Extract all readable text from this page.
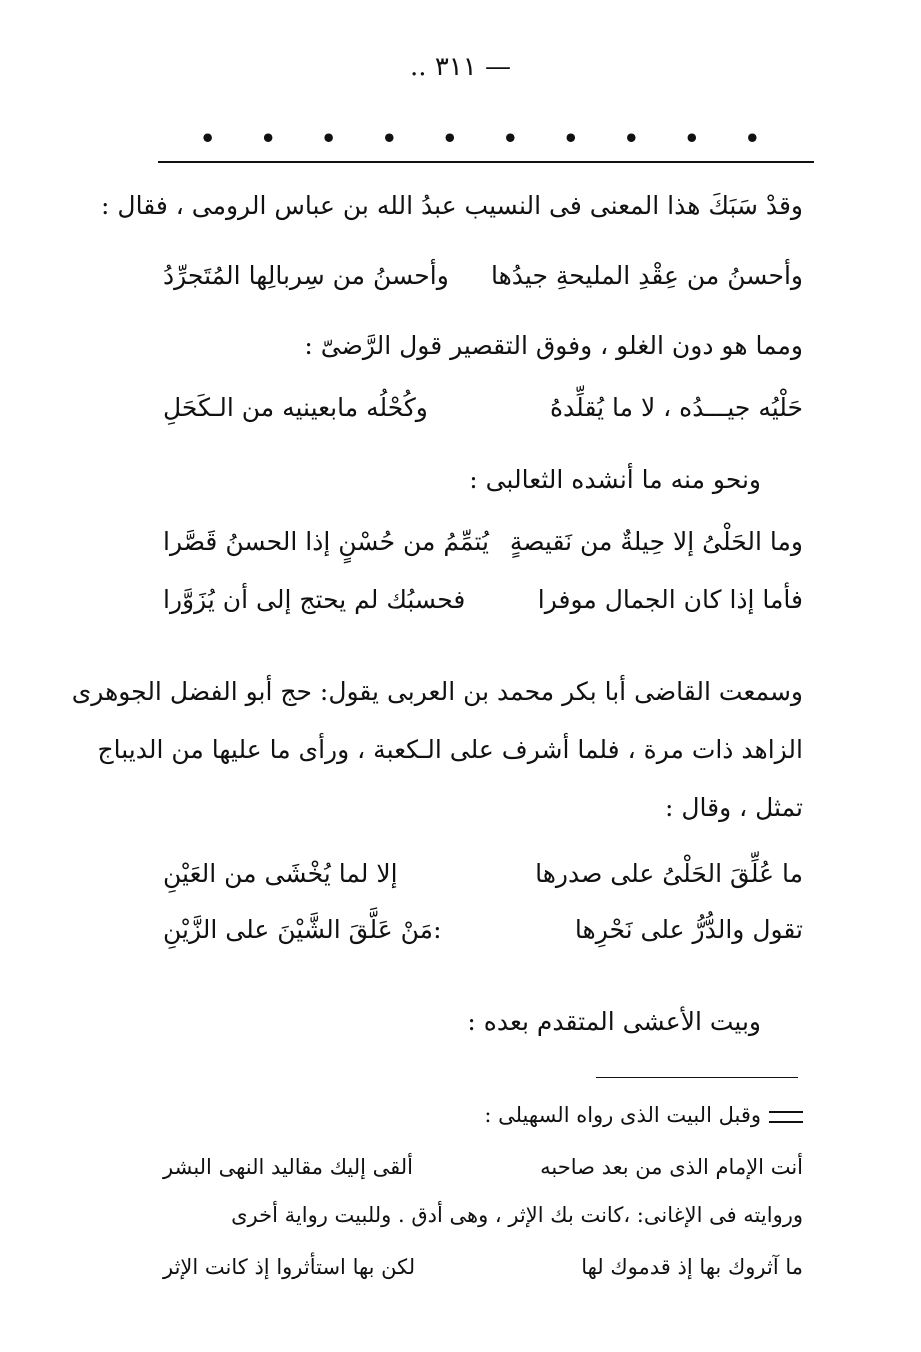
— ٣١١ ..
•
•
•
•
•
•
•
•
•
•
وقدْ سَبَكَ هذا المعنى فى النسيب عبدُ الله بن عباس الرومى ، فقال :
وأحسنُ من عِقْدِ المليحةِ جيدُها
وأحسنُ من سِربالِها المُتَجرِّدُ
ومما هو دون الغلو ، وفوق التقصير قول الرَّضىّ :
حَلْيُه جيـــدُه ، لا ما يُقلِّدهُ
وكُحْلُه مابعينيه من الـكَحَلِ
ونحو منه ما أنشده الثعالبى :
وما الحَلْىُ إلا حِيلةٌ من نَقيصةٍ
يُتمِّمُ من حُسْنٍ إذا الحسنُ قَصَّرا
فأما إذا كان الجمال موفرا
فحسبُك لم يحتج إلى أن يُزَوَّرا
وسمعت القاضى أبا بكر محمد بن العربى يقول: حج أبو الفضل الجوهرى
الزاهد ذات مرة ، فلما أشرف على الـكعبة ، ورأى ما عليها من الديباج
تمثل ، وقال :
ما عُلِّقَ الحَلْىُ على صدرها
إلا لما يُخْشَى من العَيْنِ
تقول والدُّرُّ على نَحْرِها
:مَنْ عَلَّقَ الشَّيْنَ على الزَّيْنِ
وبيت الأعشى المتقدم بعده :
وقبل البيت الذى رواه السهيلى :
أنت الإمام الذى من بعد صاحبه
ألقى إليك مقاليد النهى البشر
وروايته فى الإغانى: ،كانت بك الإثر ، وهى أدق . وللبيت رواية أخرى
ما آثروك بها إذ قدموك لها
لكن بها استأثروا إذ كانت الإثر
